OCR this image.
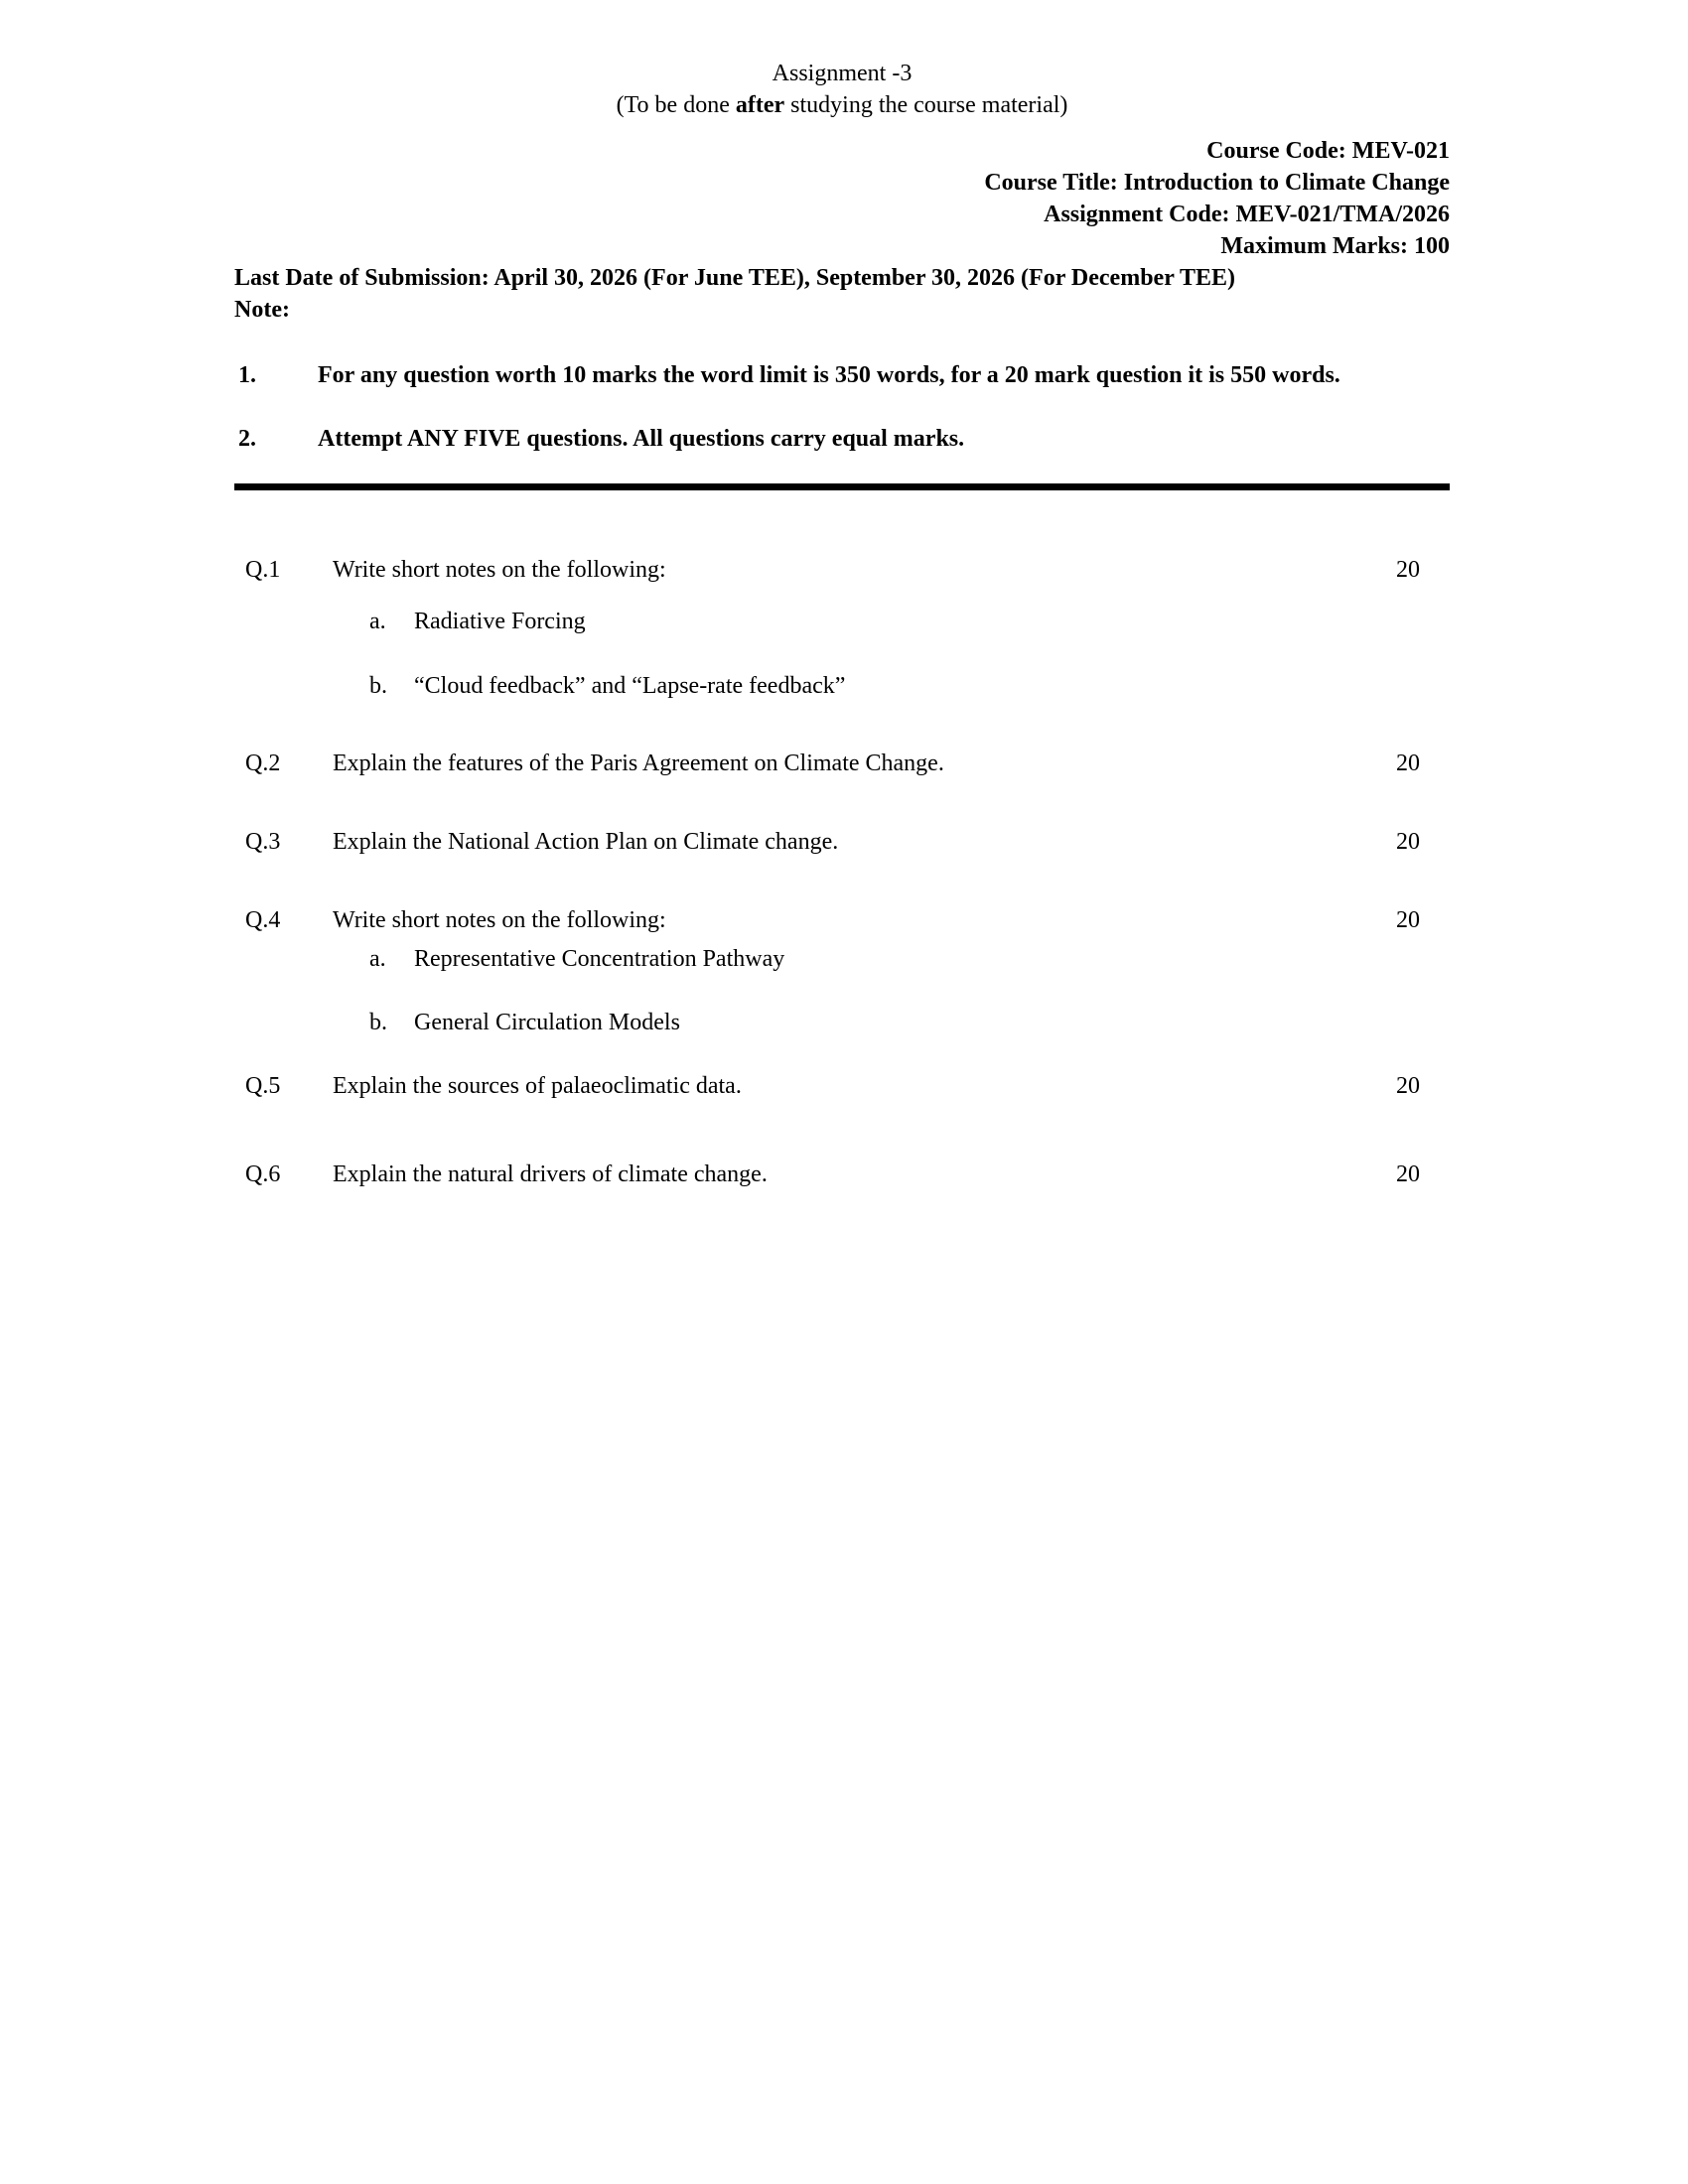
Assignment -3
(To be done after studying the course material)
Course Code: MEV-021
Course Title: Introduction to Climate Change
Assignment Code: MEV-021/TMA/2026
Maximum Marks: 100
Last Date of Submission: April 30, 2026 (For June TEE), September 30, 2026 (For December TEE)
Note:
1.	For any question worth 10 marks the word limit is 350 words, for a 20 mark question it is 550 words.
2.	Attempt ANY FIVE questions. All questions carry equal marks.
Q.1	Write short notes on the following:	20
a.	Radiative Forcing
b.	“Cloud feedback” and “Lapse-rate feedback”
Q.2	Explain the features of the Paris Agreement on Climate Change.	20
Q.3	Explain the National Action Plan on Climate change.	20
Q.4	Write short notes on the following:	20
a.	Representative Concentration Pathway
b.	General Circulation Models
Q.5	Explain the sources of palaeoclimatic data.	20
Q.6	Explain the natural drivers of climate change.	20
